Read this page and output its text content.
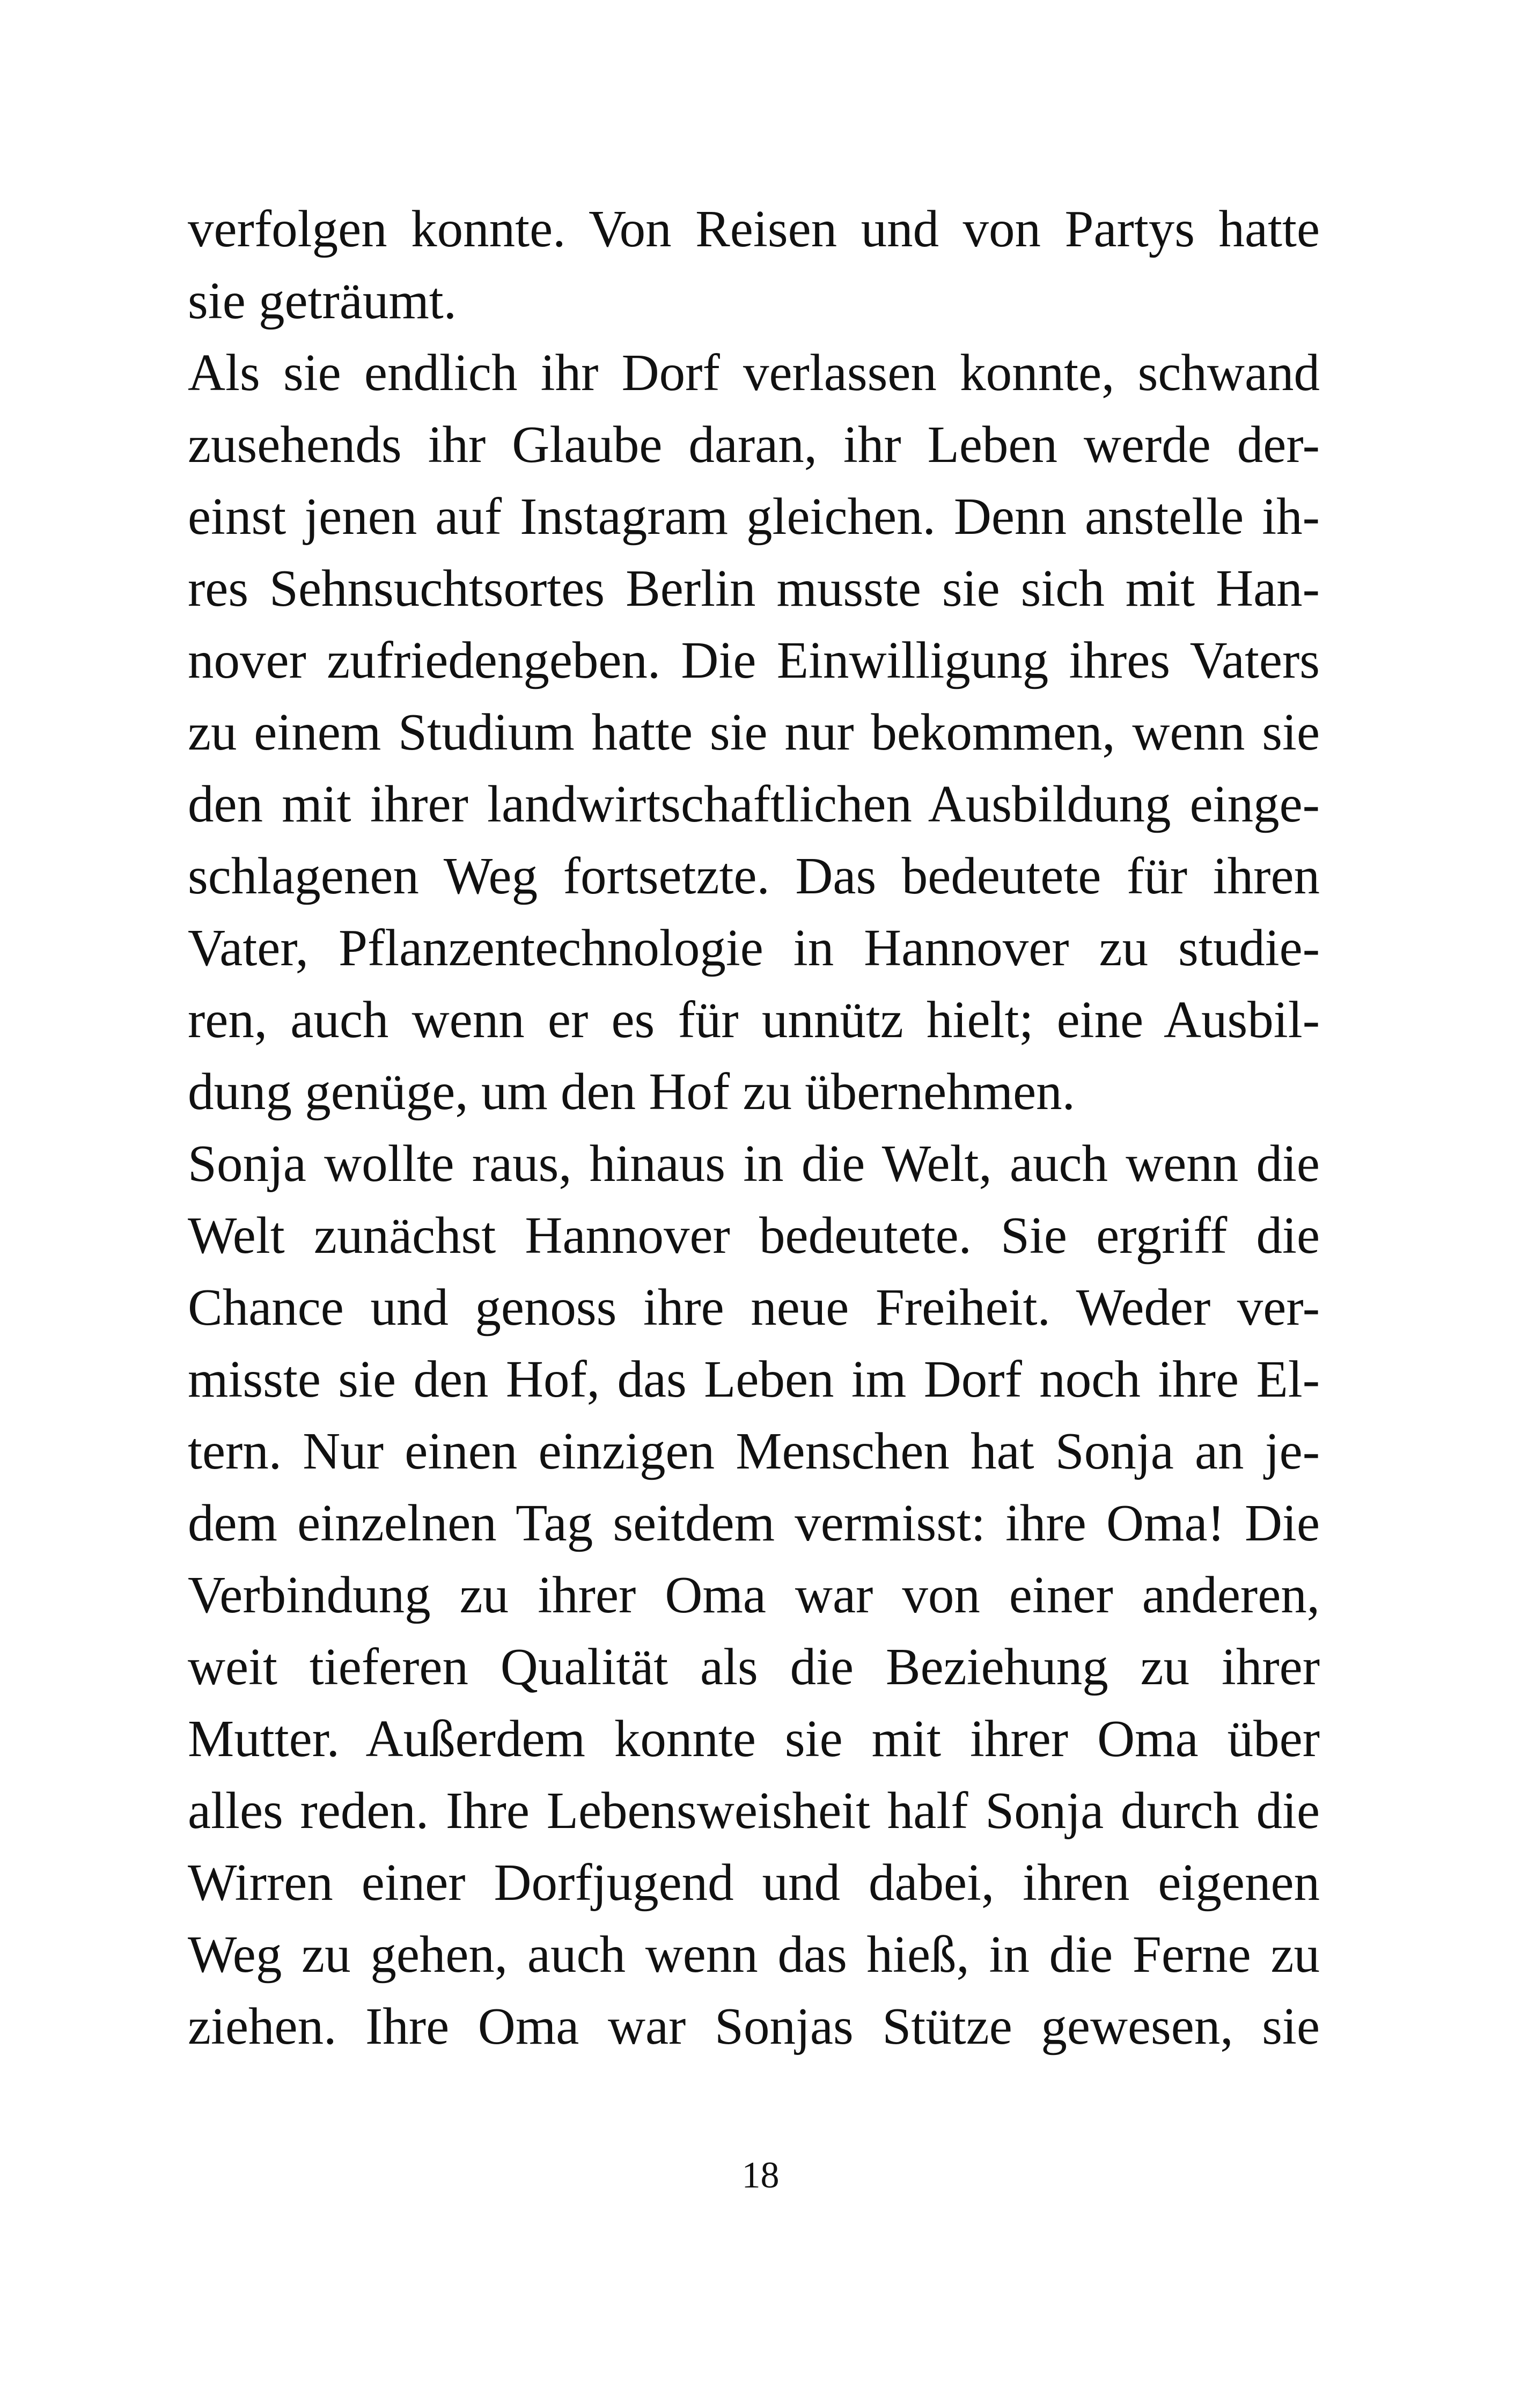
verfolgen konnte. Von Reisen und von Partys hatte
sie geträumt.
Als sie endlich ihr Dorf verlassen konnte, schwand
zusehends ihr Glaube daran, ihr Leben werde der-
einst jenen auf Instagram gleichen. Denn anstelle ih-
res Sehnsuchtsortes Berlin musste sie sich mit Han-
nover zufriedengeben. Die Einwilligung ihres Vaters
zu einem Studium hatte sie nur bekommen, wenn sie
den mit ihrer landwirtschaftlichen Ausbildung einge-
schlagenen Weg fortsetzte. Das bedeutete für ihren
Vater, Pflanzentechnologie in Hannover zu studie-
ren, auch wenn er es für unnütz hielt; eine Ausbil-
dung genüge, um den Hof zu übernehmen.
Sonja wollte raus, hinaus in die Welt, auch wenn die
Welt zunächst Hannover bedeutete. Sie ergriff die
Chance und genoss ihre neue Freiheit. Weder ver-
misste sie den Hof, das Leben im Dorf noch ihre El-
tern. Nur einen einzigen Menschen hat Sonja an je-
dem einzelnen Tag seitdem vermisst: ihre Oma! Die
Verbindung zu ihrer Oma war von einer anderen,
weit tieferen Qualität als die Beziehung zu ihrer
Mutter. Außerdem konnte sie mit ihrer Oma über
alles reden. Ihre Lebensweisheit half Sonja durch die
Wirren einer Dorfjugend und dabei, ihren eigenen
Weg zu gehen, auch wenn das hieß, in die Ferne zu
ziehen. Ihre Oma war Sonjas Stütze gewesen, sie
18
